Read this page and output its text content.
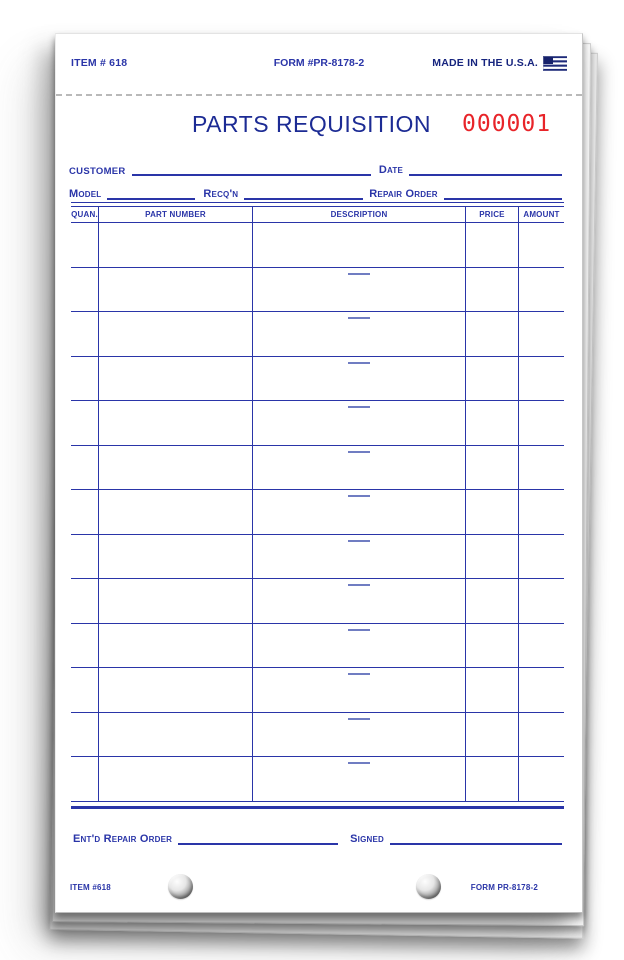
ITEM # 618	FORM #PR-8178-2	MADE IN THE U.S.A.
PARTS REQUISITION 000001
CUSTOMER	Date
Model	Recq'n	Repair Order
QUAN.	PART NUMBER	DESCRIPTION	PRICE	AMOUNT
Ent'd Repair Order	Signed
ITEM #618	FORM PR-8178-2
